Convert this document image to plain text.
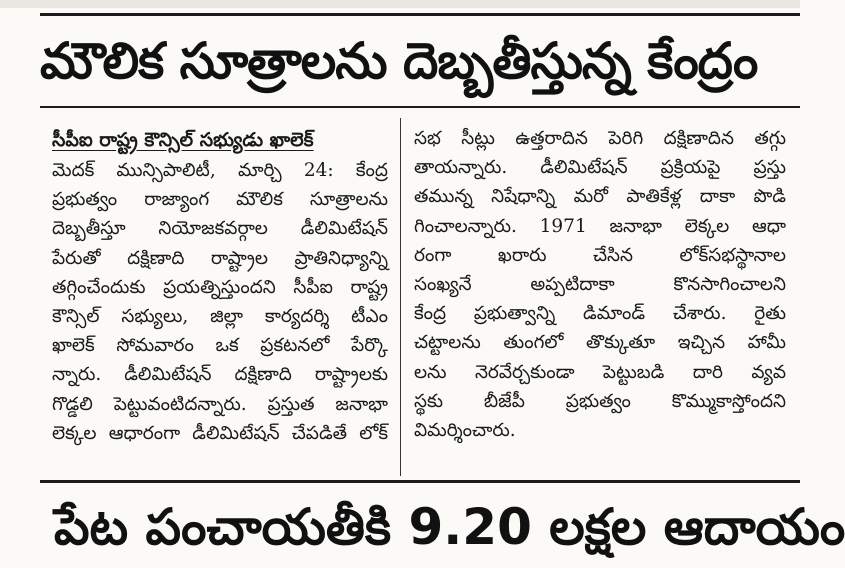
మౌలిక సూత్రాలను దెబ్బతీస్తున్న కేంద్రం
సీపీఐ రాష్ట్ర కౌన్సిల్ సభ్యుడు ఖాలెక్
మెదక్ మున్సిపాలిటీ, మార్చి 24: కేంద్ర
ప్రభుత్వం రాజ్యాంగ మౌలిక సూత్రాలను
దెబ్బతీస్తూ నియోజకవర్గాల డీలిమిటేషన్
పేరుతో దక్షిణాది రాష్ట్రాల ప్రాతినిధ్యాన్ని
తగ్గించేందుకు ప్రయత్నిస్తుందని సీపీఐ రాష్ట్ర
కౌన్సిల్ సభ్యులు, జిల్లా కార్యదర్శి టీఎం
ఖాలెక్ సోమవారం ఒక ప్రకటనలో పేర్కొ
న్నారు. డీలిమిటేషన్ దక్షిణాది రాష్ట్రాలకు
గొడ్డలి పెట్టువంటిదన్నారు. ప్రస్తుత జనాభా
లెక్కల ఆధారంగా డీలిమిటేషన్ చేపడితే లోక్
సభ సీట్లు ఉత్తరాదిన పెరిగి దక్షిణాదిన తగ్గు
తాయన్నారు. డీలిమిటేషన్ ప్రక్రియపై ప్రస్తు
తమున్న నిషేధాన్ని మరో పాతికేళ్ల దాకా పొడి
గించాలన్నారు. 1971 జనాభా లెక్కల ఆధా
రంగా ఖరారు చేసిన లోక్‌సభస్థానాల
సంఖ్యనే అప్పటిదాకా కొనసాగించాలని
కేంద్ర ప్రభుత్వాన్ని డిమాండ్ చేశారు. రైతు
చట్టాలను తుంగలో తొక్కుతూ ఇచ్చిన హామీ
లను నెరవేర్చకుండా పెట్టుబడి దారి వ్యవ
స్థకు బీజేపీ ప్రభుత్వం కొమ్ముకాస్తోందని
విమర్శించారు.
పేట పంచాయతీకి 9.20 లక్షల ఆదాయం
